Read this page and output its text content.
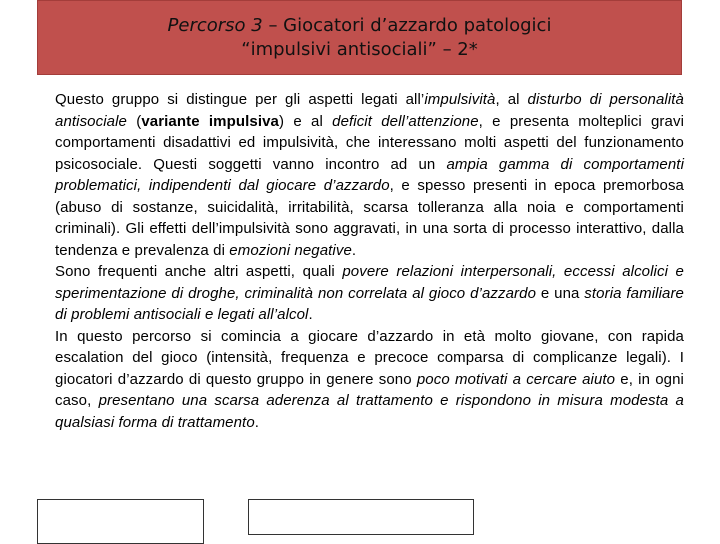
Percorso 3 – Giocatori d’azzardo patologici
“impulsivi antisociali” – 2*

Questo gruppo si distingue per gli aspetti legati all’impulsività, al disturbo di personalità antisociale (variante impulsiva) e al deficit dell’attenzione, e presenta molteplici gravi comportamenti disadattivi ed impulsività, che interessano molti aspetti del funzionamento psicosociale. Questi soggetti vanno incontro ad un ampia gamma di comportamenti problematici, indipendenti dal giocare d’azzardo, e spesso presenti in epoca premorbosa (abuso di sostanze, suicidalità, irritabilità, scarsa tolleranza alla noia e comportamenti criminali). Gli effetti dell’impulsività sono aggravati, in una sorta di processo interattivo, dalla tendenza e prevalenza di emozioni negative.

Sono frequenti anche altri aspetti, quali povere relazioni interpersonali, eccessi alcolici e sperimentazione di droghe, criminalità non correlata al gioco d’azzardo e una storia familiare di problemi antisociali e legati all’alcol.

In questo percorso si comincia a giocare d’azzardo in età molto giovane, con rapida escalation del gioco (intensità, frequenza e precoce comparsa di complicanze legali). I giocatori d’azzardo di questo gruppo in genere sono poco motivati a cercare aiuto e, in ogni caso, presentano una scarsa aderenza al trattamento e rispondono in misura modesta a qualsiasi forma di trattamento.
